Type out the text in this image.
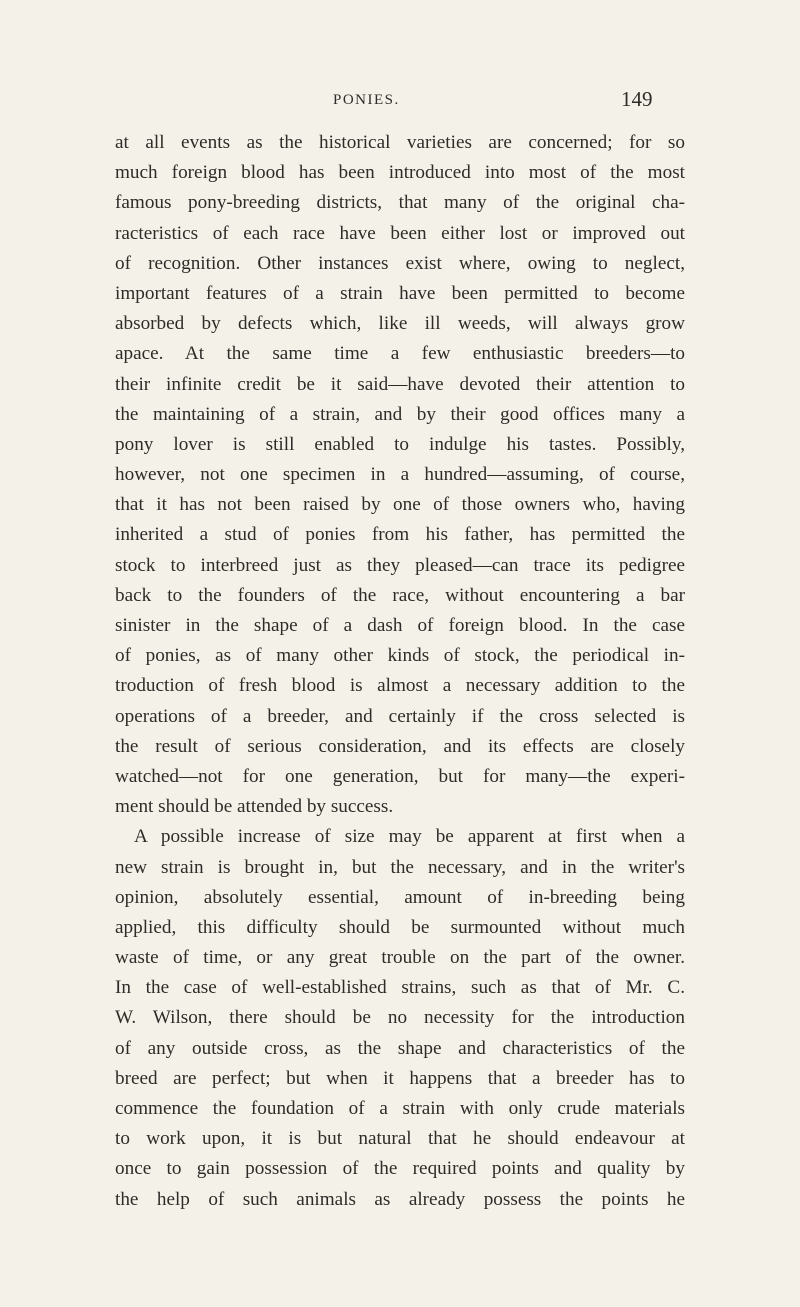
PONIES.	149
at all events as the historical varieties are concerned; for so
much foreign blood has been introduced into most of the most
famous pony-breeding districts, that many of the original cha-
racteristics of each race have been either lost or improved out
of recognition. Other instances exist where, owing to neglect,
important features of a strain have been permitted to become
absorbed by defects which, like ill weeds, will always grow
apace. At the same time a few enthusiastic breeders—to
their infinite credit be it said—have devoted their attention to
the maintaining of a strain, and by their good offices many a
pony lover is still enabled to indulge his tastes. Possibly,
however, not one specimen in a hundred—assuming, of course,
that it has not been raised by one of those owners who, having
inherited a stud of ponies from his father, has permitted the
stock to interbreed just as they pleased—can trace its pedigree
back to the founders of the race, without encountering a bar
sinister in the shape of a dash of foreign blood. In the case
of ponies, as of many other kinds of stock, the periodical in-
troduction of fresh blood is almost a necessary addition to the
operations of a breeder, and certainly if the cross selected is
the result of serious consideration, and its effects are closely
watched—not for one generation, but for many—the experi-
ment should be attended by success.
A possible increase of size may be apparent at first when a
new strain is brought in, but the necessary, and in the writer's
opinion, absolutely essential, amount of in-breeding being
applied, this difficulty should be surmounted without much
waste of time, or any great trouble on the part of the owner.
In the case of well-established strains, such as that of Mr. C.
W. Wilson, there should be no necessity for the introduction
of any outside cross, as the shape and characteristics of the
breed are perfect; but when it happens that a breeder has to
commence the foundation of a strain with only crude materials
to work upon, it is but natural that he should endeavour at
once to gain possession of the required points and quality by
the help of such animals as already possess the points he
